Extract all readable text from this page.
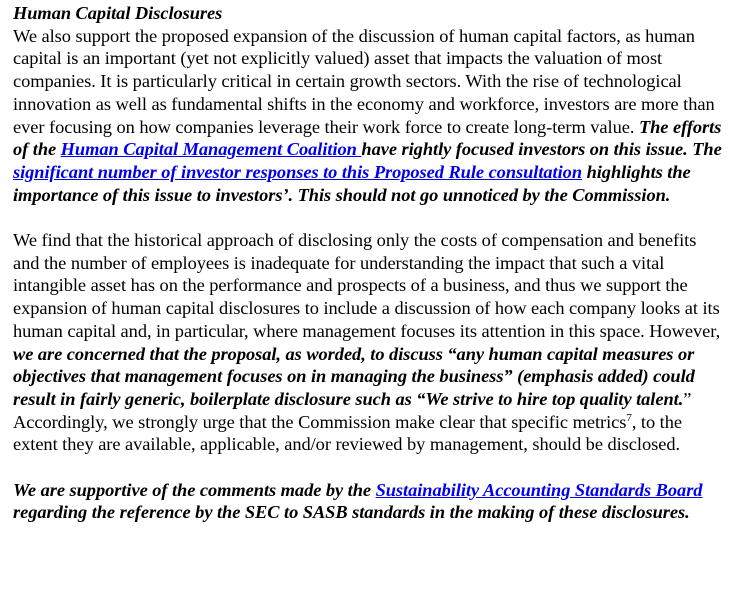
Human Capital Disclosures

We also support the proposed expansion of the discussion of human capital factors, as human capital is an important (yet not explicitly valued) asset that impacts the valuation of most companies. It is particularly critical in certain growth sectors. With the rise of technological innovation as well as fundamental shifts in the economy and workforce, investors are more than ever focusing on how companies leverage their work force to create long-term value. The efforts of the Human Capital Management Coalition have rightly focused investors on this issue. The significant number of investor responses to this Proposed Rule consultation highlights the importance of this issue to investors’. This should not go unnoticed by the Commission.

We find that the historical approach of disclosing only the costs of compensation and benefits and the number of employees is inadequate for understanding the impact that such a vital intangible asset has on the performance and prospects of a business, and thus we support the expansion of human capital disclosures to include a discussion of how each company looks at its human capital and, in particular, where management focuses its attention in this space. However, we are concerned that the proposal, as worded, to discuss “any human capital measures or objectives that management focuses on in managing the business” (emphasis added) could result in fairly generic, boilerplate disclosure such as “We strive to hire top quality talent.” Accordingly, we strongly urge that the Commission make clear that specific metrics$^7$, to the extent they are available, applicable, and/or reviewed by management, should be disclosed.

We are supportive of the comments made by the Sustainability Accounting Standards Board regarding the reference by the SEC to SASB standards in the making of these disclosures.
